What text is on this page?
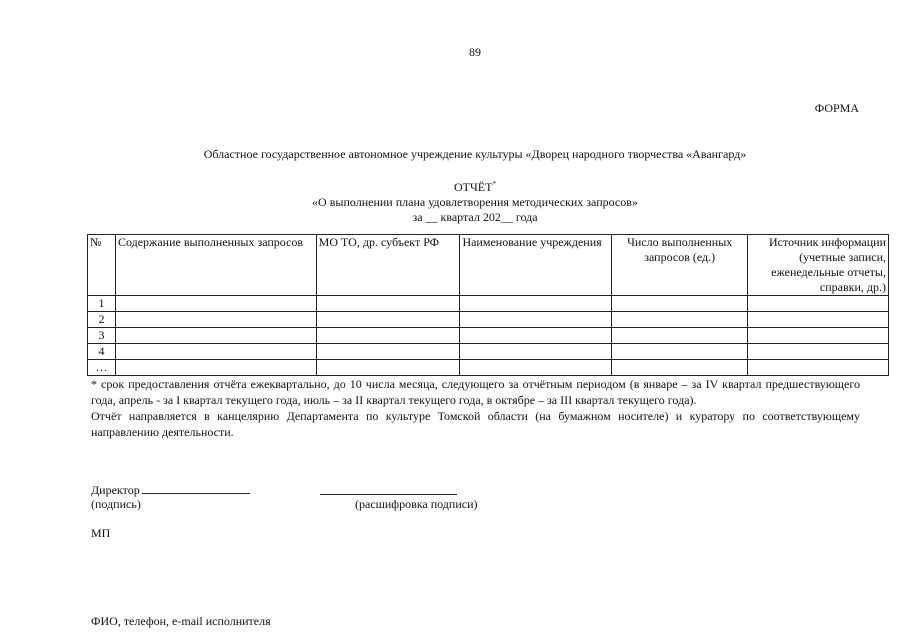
89
ФОРМА
Областное государственное автономное учреждение культуры «Дворец народного творчества «Авангард»
ОТЧЁТ*
«О выполнении плана удовлетворения методических запросов»
за __ квартал 202__ года
№	Содержание выполненных запросов	МО ТО, др. субъект РФ	Наименование учреждения	Число выполненных запросов (ед.)	Источник информации (учетные записи, еженедельные отчеты, справки, др.)
1					
2					
3					
4					
…					

* срок предоставления отчёта ежеквартально, до 10 числа месяца, следующего за отчётным периодом (в январе – за IV квартал предшествующего года, апрель - за I квартал текущего года, июль – за II квартал текущего года, в октябре – за III квартал текущего года).

Отчёт направляется в канцелярию Департамента по культуре Томской области (на бумажном носителе) и куратору по соответствующему направлению деятельности.

Директор
(подпись)	(расшифровка подписи)
МП
ФИО, телефон, e-mail исполнителя
